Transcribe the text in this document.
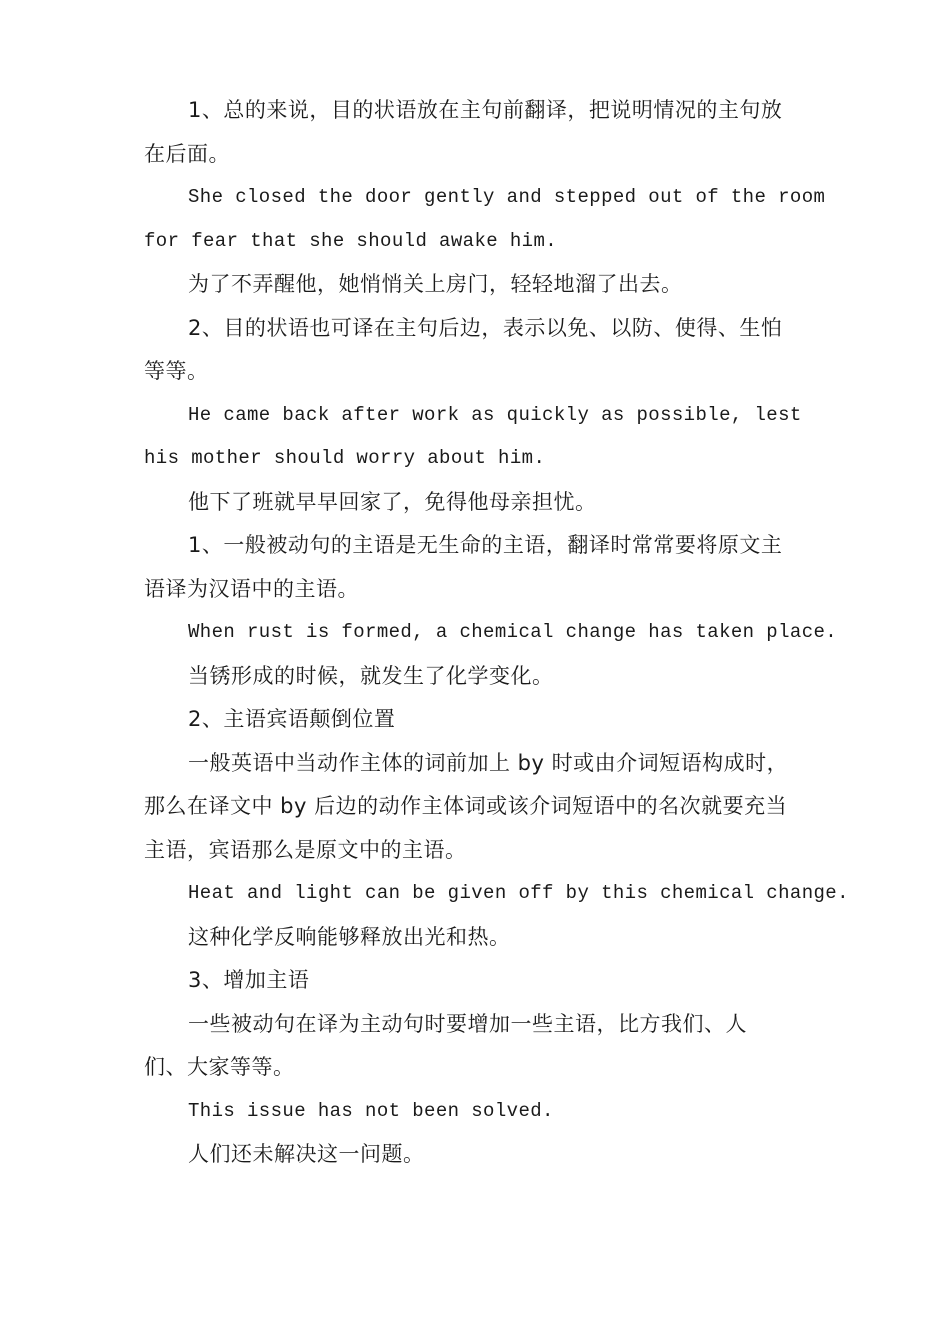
1、总的来说，目的状语放在主句前翻译，把说明情况的主句放
在后面。
She closed the door gently and stepped out of the room
for fear that she should awake him.
为了不弄醒他，她悄悄关上房门，轻轻地溜了出去。
2、目的状语也可译在主句后边，表示以免、以防、使得、生怕
等等。
He came back after work as quickly as possible, lest
his mother should worry about him.
他下了班就早早回家了，免得他母亲担忧。
1、一般被动句的主语是无生命的主语，翻译时常常要将原文主
语译为汉语中的主语。
When rust is formed, a chemical change has taken place.
当锈形成的时候，就发生了化学变化。
2、主语宾语颠倒位置
一般英语中当动作主体的词前加上 by 时或由介词短语构成时，
那么在译文中 by 后边的动作主体词或该介词短语中的名次就要充当
主语，宾语那么是原文中的主语。
Heat and light can be given off by this chemical change.
这种化学反响能够释放出光和热。
3、增加主语
一些被动句在译为主动句时要增加一些主语，比方我们、人
们、大家等等。
This issue has not been solved.
人们还未解决这一问题。
